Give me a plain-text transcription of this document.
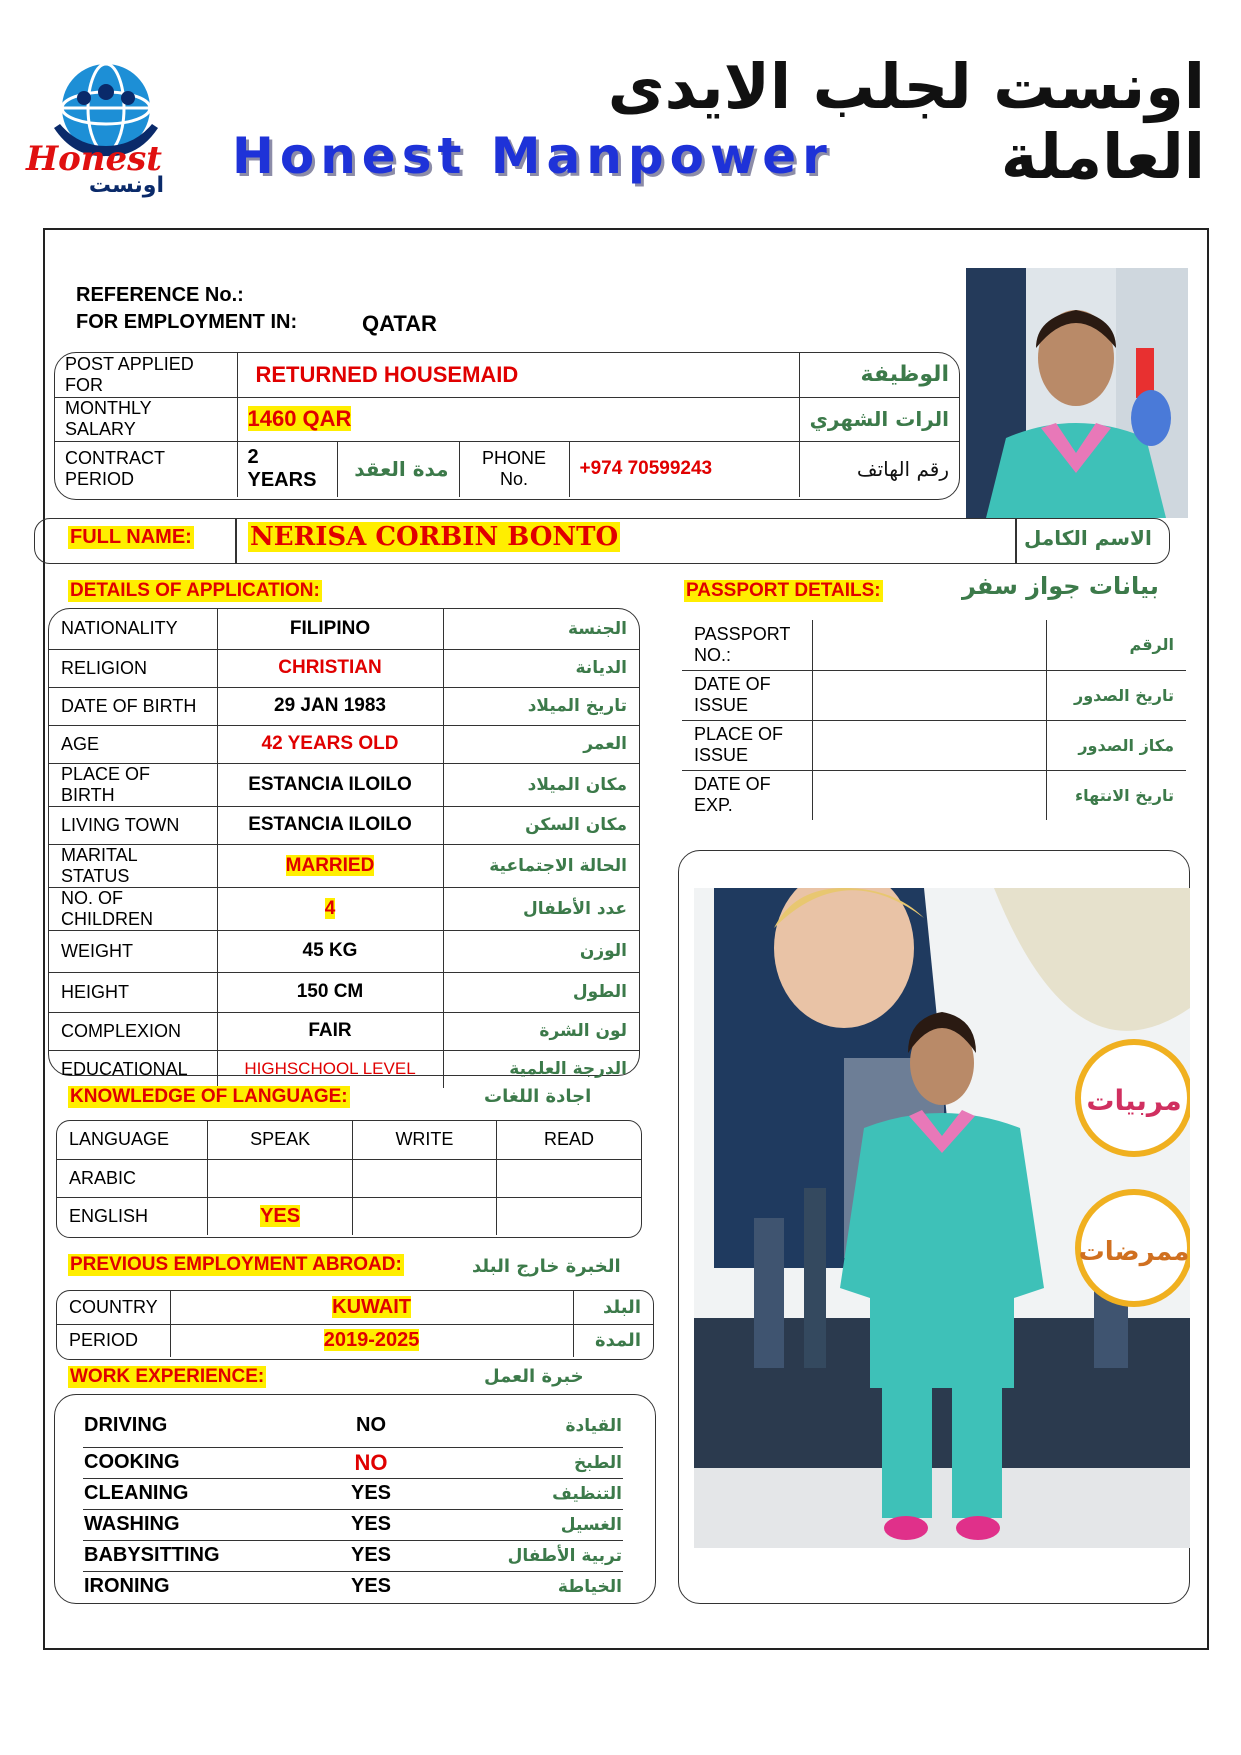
Honest
اونست
اونست لجلب الايدى العاملة
Honest Manpower
REFERENCE No.:
FOR EMPLOYMENT IN:	QATAR
POST APPLIED FOR	RETURNED HOUSEMAID				الوظيفة
MONTHLY SALARY	1460 QAR				الرات الشهري
CONTRACT PERIOD	2 YEARS	مدة العقد	PHONE No.	+974 70599243	رقم الهاتف
FULL NAME: NERISA CORBIN BONTO	الاسم الكامل
DETAILS OF APPLICATION:
NATIONALITY	FILIPINO	الجنسة
RELIGION	CHRISTIAN	الديانة
DATE OF BIRTH	29 JAN 1983	تاريخ الميلاد
AGE	42 YEARS OLD	العمر
PLACE OF BIRTH	ESTANCIA ILOILO	مكان الميلاد
LIVING TOWN	ESTANCIA ILOILO	مكان السكن
MARITAL STATUS	MARRIED	الحالة الاجتماعية
NO. OF CHILDREN	4	عدد الأطفال
WEIGHT	45 KG	الوزن
HEIGHT	150 CM	الطول
COMPLEXION	FAIR	لون الشرة
EDUCATIONAL	HIGHSCHOOL LEVEL	الدرجة العلمية
PASSPORT DETAILS:	بيانات جواز سفر
PASSPORT NO.:		الرقم
DATE OF ISSUE		تاريخ الصدور
PLACE OF ISSUE		مكاز الصدور
DATE OF EXP.		تاريخ الانتهاء
مربيات
ممرضات
KNOWLEDGE OF LANGUAGE:	اجادة اللغات
LANGUAGE	SPEAK	WRITE	READ
ARABIC			
ENGLISH	YES		
PREVIOUS EMPLOYMENT ABROAD:	الخبرة خارج البلد
COUNTRY	KUWAIT	البلد
PERIOD	2019-2025	المدة
WORK EXPERIENCE:	خبرة العمل
DRIVING	NO	القيادة
COOKING	NO	الطبخ
CLEANING	YES	التنظيف
WASHING	YES	الغسيل
BABYSITTING	YES	تربية الأطفال
IRONING	YES	الخياطة
